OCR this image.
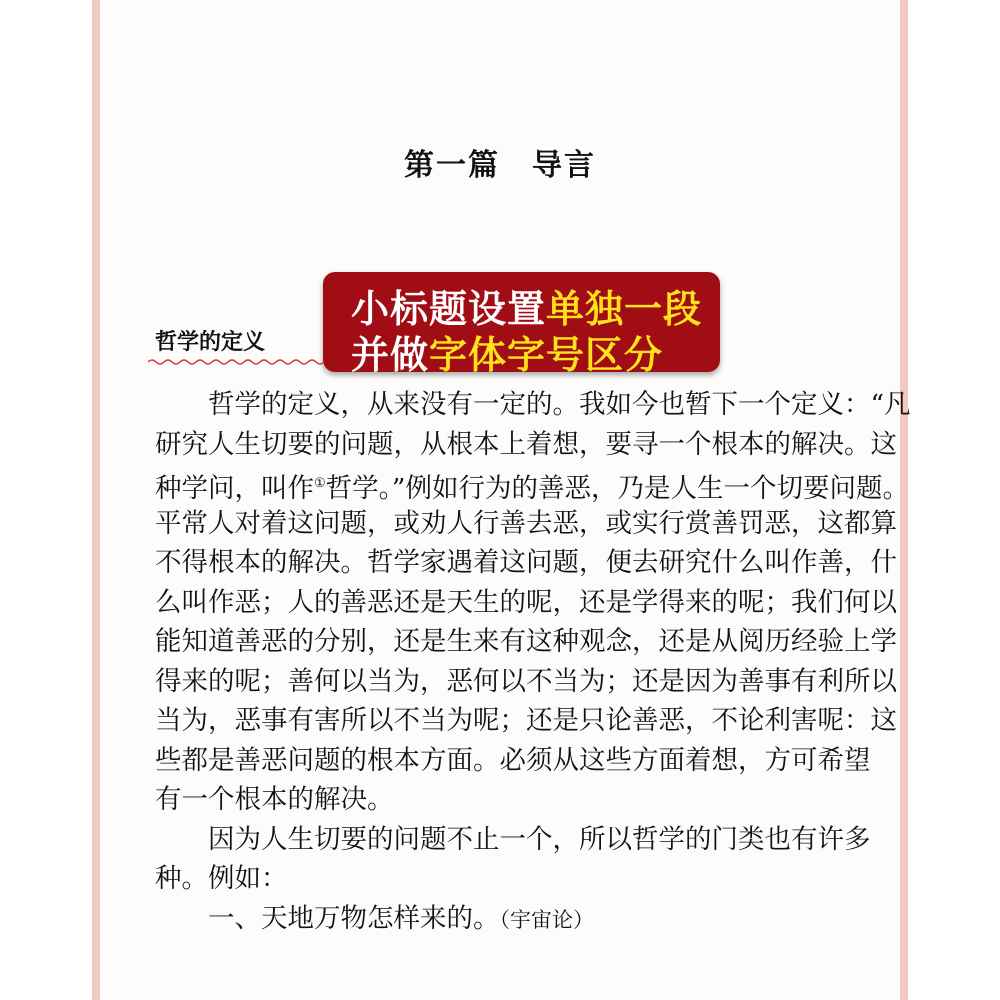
第一篇　导言
小标题设置单独一段
并做字体字号区分
哲学的定义
哲学的定义，从来没有一定的。我如今也暂下一个定义：“凡
研究人生切要的问题，从根本上着想，要寻一个根本的解决。这
种学问，叫作①哲学。”例如行为的善恶，乃是人生一个切要问题。
平常人对着这问题，或劝人行善去恶，或实行赏善罚恶，这都算
不得根本的解决。哲学家遇着这问题，便去研究什么叫作善，什
么叫作恶；人的善恶还是天生的呢，还是学得来的呢；我们何以
能知道善恶的分别，还是生来有这种观念，还是从阅历经验上学
得来的呢；善何以当为，恶何以不当为；还是因为善事有利所以
当为，恶事有害所以不当为呢；还是只论善恶，不论利害呢：这
些都是善恶问题的根本方面。必须从这些方面着想，方可希望
有一个根本的解决。
因为人生切要的问题不止一个，所以哲学的门类也有许多
种。例如：
一、天地万物怎样来的。（宇宙论）
